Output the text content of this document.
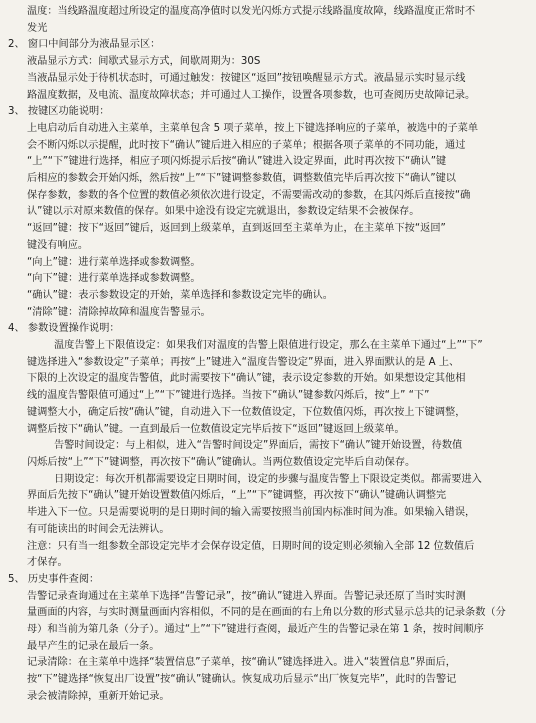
温度：当线路温度超过所设定的温度高净值时以发光闪烁方式提示线路温度故障，线路温度正常时不
发光
2、 窗口中间部分为液晶显示区：
液晶显示方式：间歇式显示方式，间歇周期为：30S
当液晶显示处于待机状态时，可通过触发：按键区“返回”按钮唤醒显示方式。液晶显示实时显示线
路温度数据，及电流、温度故障状态；并可通过人工操作，设置各项参数，也可查阅历史故障记录。
3、 按键区功能说明：
上电启动后自动进入主菜单，主菜单包含 5 项子菜单，按上下键选择响应的子菜单，被选中的子菜单
会不断闪烁以示提醒，此时按下“确认”键后进入相应的子菜单；根据各项子菜单的不同功能，通过
“上”“下”键进行选择，相应子项闪烁提示后按“确认”键进入设定界面，此时再次按下“确认”键
后相应的参数会开始闪烁，然后按“上”“下”键调整参数值，调整数值完毕后再次按下“确认”键以
保存参数，参数的各个位置的数值必须依次进行设定，不需要需改动的参数，在其闪烁后直接按“确
认”键以示对原来数值的保存。如果中途没有设定完就退出，参数设定结果不会被保存。
“返回”键：按下“返回”键后，返回到上级菜单，直到返回至主菜单为止，在主菜单下按“返回”
键没有响应。
“向上”键：进行菜单选择或参数调整。
“向下”键：进行菜单选择或参数调整。
“确认”键：表示参数设定的开始，菜单选择和参数设定完毕的确认。
“清除”键：清除掉故障和温度告警显示。
4、 参数设置操作说明：
温度告警上下限值设定：如果我们对温度的告警上限值进行设定，那么在主菜单下通过“上”“下”
键选择进入“参数设定”子菜单；再按“上”键进入“温度告警设定”界面，进入界面默认的是 A 上、
下限的上次设定的温度告警值，此时需要按下“确认”键，表示设定参数的开始。如果想设定其他相
线的温度告警限值可通过“上”“下”键进行选择。当按下“确认”键参数闪烁后，按“上” “下”
键调整大小，确定后按“确认”键，自动进入下一位数值设定，下位数值闪烁，再次按上下键调整，
调整后按下“确认”键。一直到最后一位数值设定完毕后按下“返回”键返回上级菜单。
告警时间设定：与上相似，进入“告警时间设定”界面后，需按下“确认”键开始设置，待数值
闪烁后按“上”“下”键调整，再次按下“确认”键确认。当两位数值设定完毕后自动保存。
日期设定：每次开机都需要设定日期时间，设定的步骤与温度告警上下限设定类似。都需要进入
界面后先按下“确认”键开始设置数值闪烁后，“上”“下”键调整，再次按下“确认”键确认调整完
毕进入下一位。只是需要说明的是日期时间的输入需要按照当前国内标准时间为准。如果输入错误，
有可能读出的时间会无法辨认。
注意：只有当一组参数全部设定完毕才会保存设定值，日期时间的设定则必须输入全部 12 位数值后
才保存。
5、 历史事件查阅：
告警记录查询通过在主菜单下选择“告警记录”，按“确认”键进入界面。告警记录还原了当时实时测
量画面的内容，与实时测量画面内容相似，不同的是在画面的右上角以分数的形式显示总共的记录条数（分
母）和当前为第几条（分子）。通过“上”“下”键进行查阅，最近产生的告警记录在第 1 条，按时间顺序
最早产生的记录在最后一条。
记录清除：在主菜单中选择“装置信息”子菜单，按“确认”键选择进入。进入“装置信息”界面后，
按“下”键选择“恢复出厂设置”按“确认”键确认。恢复成功后显示“出厂恢复完毕”，此时的告警记
录会被清除掉，重新开始记录。
